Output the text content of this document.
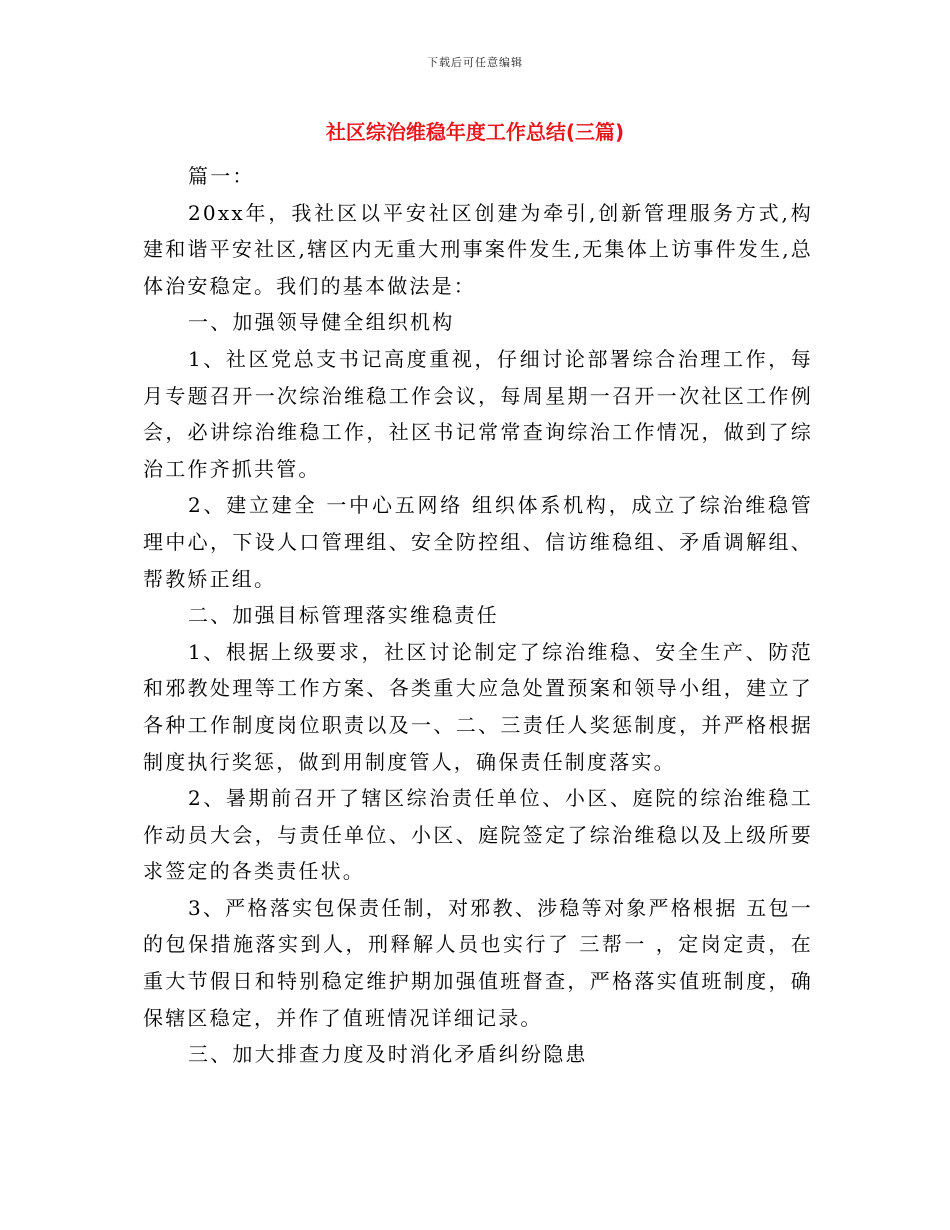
下载后可任意编辑
社区综治维稳年度工作总结(三篇)

篇一：

20xx年，我社区以平安社区创建为牵引,创新管理服务方式,构建和谐平安社区,辖区内无重大刑事案件发生,无集体上访事件发生,总体治安稳定。我们的基本做法是：

一、加强领导健全组织机构

1、社区党总支书记高度重视，仔细讨论部署综合治理工作，每月专题召开一次综治维稳工作会议，每周星期一召开一次社区工作例会，必讲综治维稳工作，社区书记常常查询综治工作情况，做到了综治工作齐抓共管。

2、建立建全 一中心五网络 组织体系机构，成立了综治维稳管理中心，下设人口管理组、安全防控组、信访维稳组、矛盾调解组、帮教矫正组。

二、加强目标管理落实维稳责任

1、根据上级要求，社区讨论制定了综治维稳、安全生产、防范和邪教处理等工作方案、各类重大应急处置预案和领导小组，建立了各种工作制度岗位职责以及一、二、三责任人奖惩制度，并严格根据制度执行奖惩，做到用制度管人，确保责任制度落实。

2、暑期前召开了辖区综治责任单位、小区、庭院的综治维稳工作动员大会，与责任单位、小区、庭院签定了综治维稳以及上级所要求签定的各类责任状。

3、严格落实包保责任制，对邪教、涉稳等对象严格根据 五包一的包保措施落实到人，刑释解人员也实行了 三帮一 ，定岗定责，在重大节假日和特别稳定维护期加强值班督查，严格落实值班制度，确保辖区稳定，并作了值班情况详细记录。

三、加大排查力度及时消化矛盾纠纷隐患
